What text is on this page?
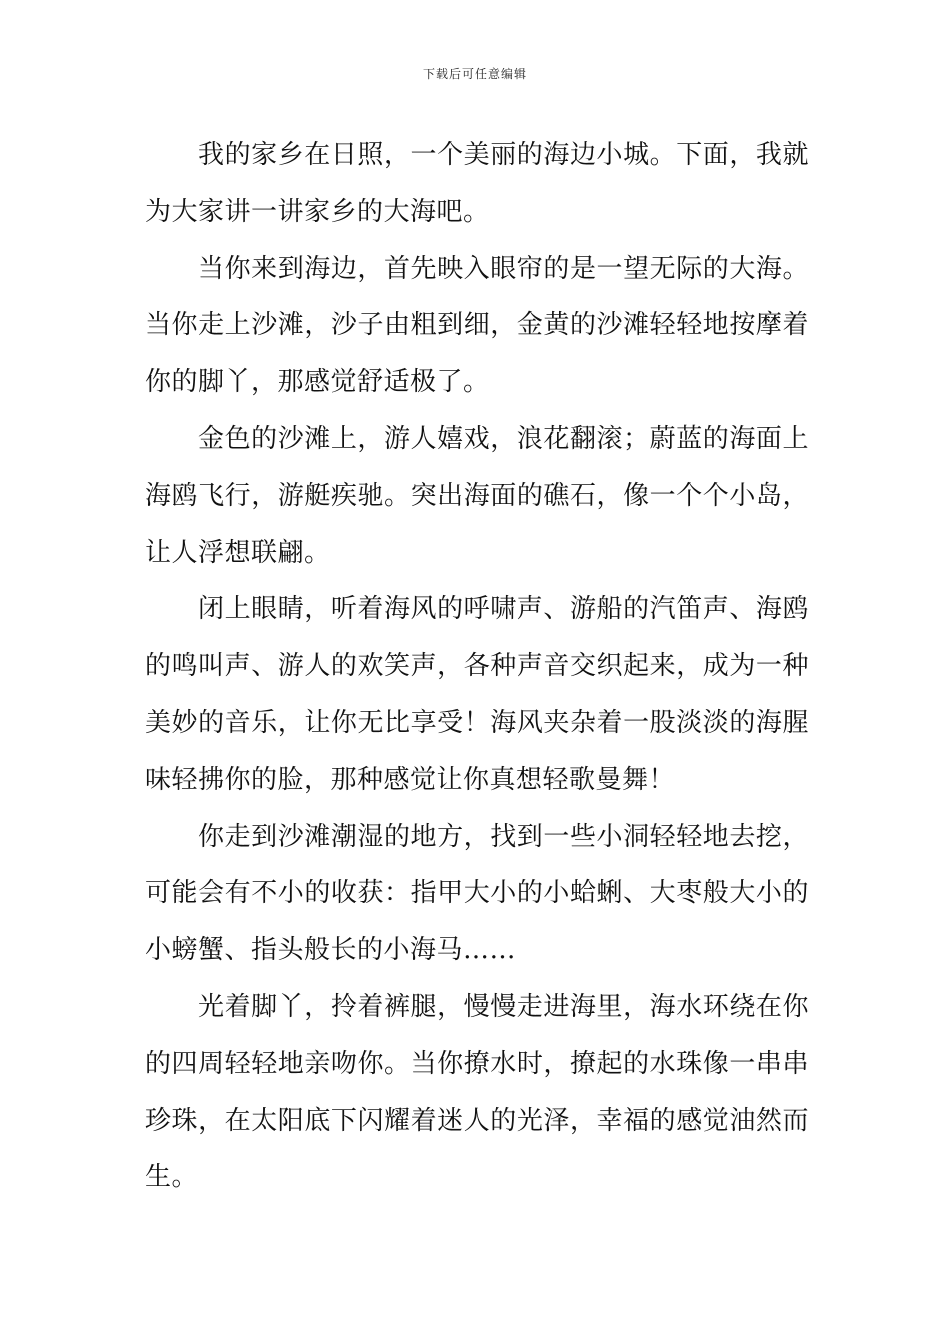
下载后可任意编辑

我的家乡在日照，一个美丽的海边小城。下面，我就为大家讲一讲家乡的大海吧。

当你来到海边，首先映入眼帘的是一望无际的大海。当你走上沙滩，沙子由粗到细，金黄的沙滩轻轻地按摩着你的脚丫，那感觉舒适极了。

金色的沙滩上，游人嬉戏，浪花翻滚；蔚蓝的海面上海鸥飞行，游艇疾驰。突出海面的礁石，像一个个小岛，让人浮想联翩。

闭上眼睛，听着海风的呼啸声、游船的汽笛声、海鸥的鸣叫声、游人的欢笑声，各种声音交织起来，成为一种美妙的音乐，让你无比享受！海风夹杂着一股淡淡的海腥味轻拂你的脸，那种感觉让你真想轻歌曼舞！

你走到沙滩潮湿的地方，找到一些小洞轻轻地去挖，可能会有不小的收获：指甲大小的小蛤蜊、大枣般大小的小螃蟹、指头般长的小海马……

光着脚丫，拎着裤腿，慢慢走进海里，海水环绕在你的四周轻轻地亲吻你。当你撩水时，撩起的水珠像一串串珍珠，在太阳底下闪耀着迷人的光泽，幸福的感觉油然而生。
